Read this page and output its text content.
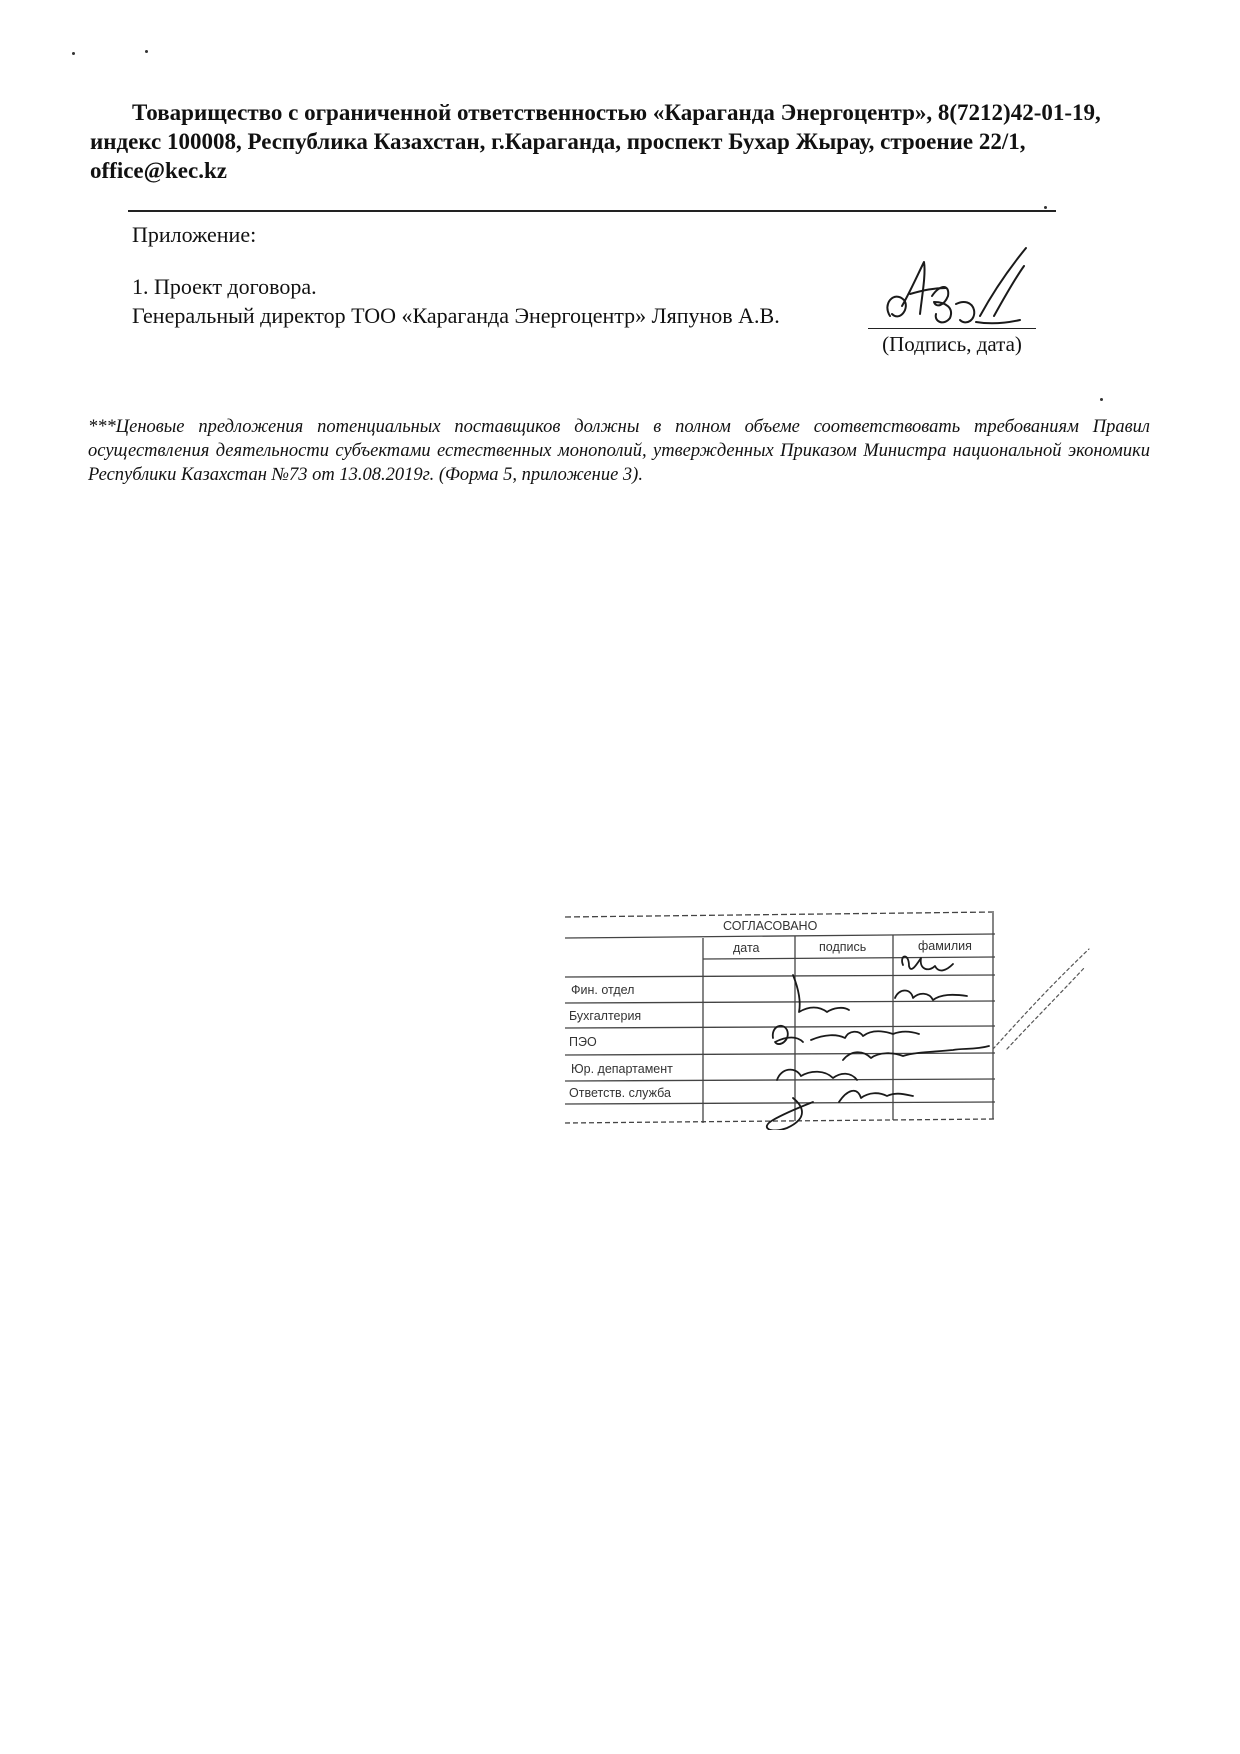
Товарищество с ограниченной ответственностью «Караганда Энергоцентр», 8(7212)42-01-19, индекс 100008, Республика Казахстан, г.Караганда, проспект Бухар Жырау, строение 22/1, office@kec.kz
Приложение:
1. Проект договора.
Генеральный директор ТОО «Караганда Энергоцентр» Ляпунов А.В.
(Подпись, дата)
***Ценовые предложения потенциальных поставщиков должны в полном объеме соответствовать требованиям Правил осуществления деятельности субъектами естественных монополий, утвержденных Приказом Министра национальной экономики Республики Казахстан №73 от 13.08.2019г. (Форма 5, приложение 3).
СОГЛАСОВАНО
дата	подпись	фамилия
Фин. отдел
Бухгалтерия
ПЭО
Юр. департамент
Ответств. служба
